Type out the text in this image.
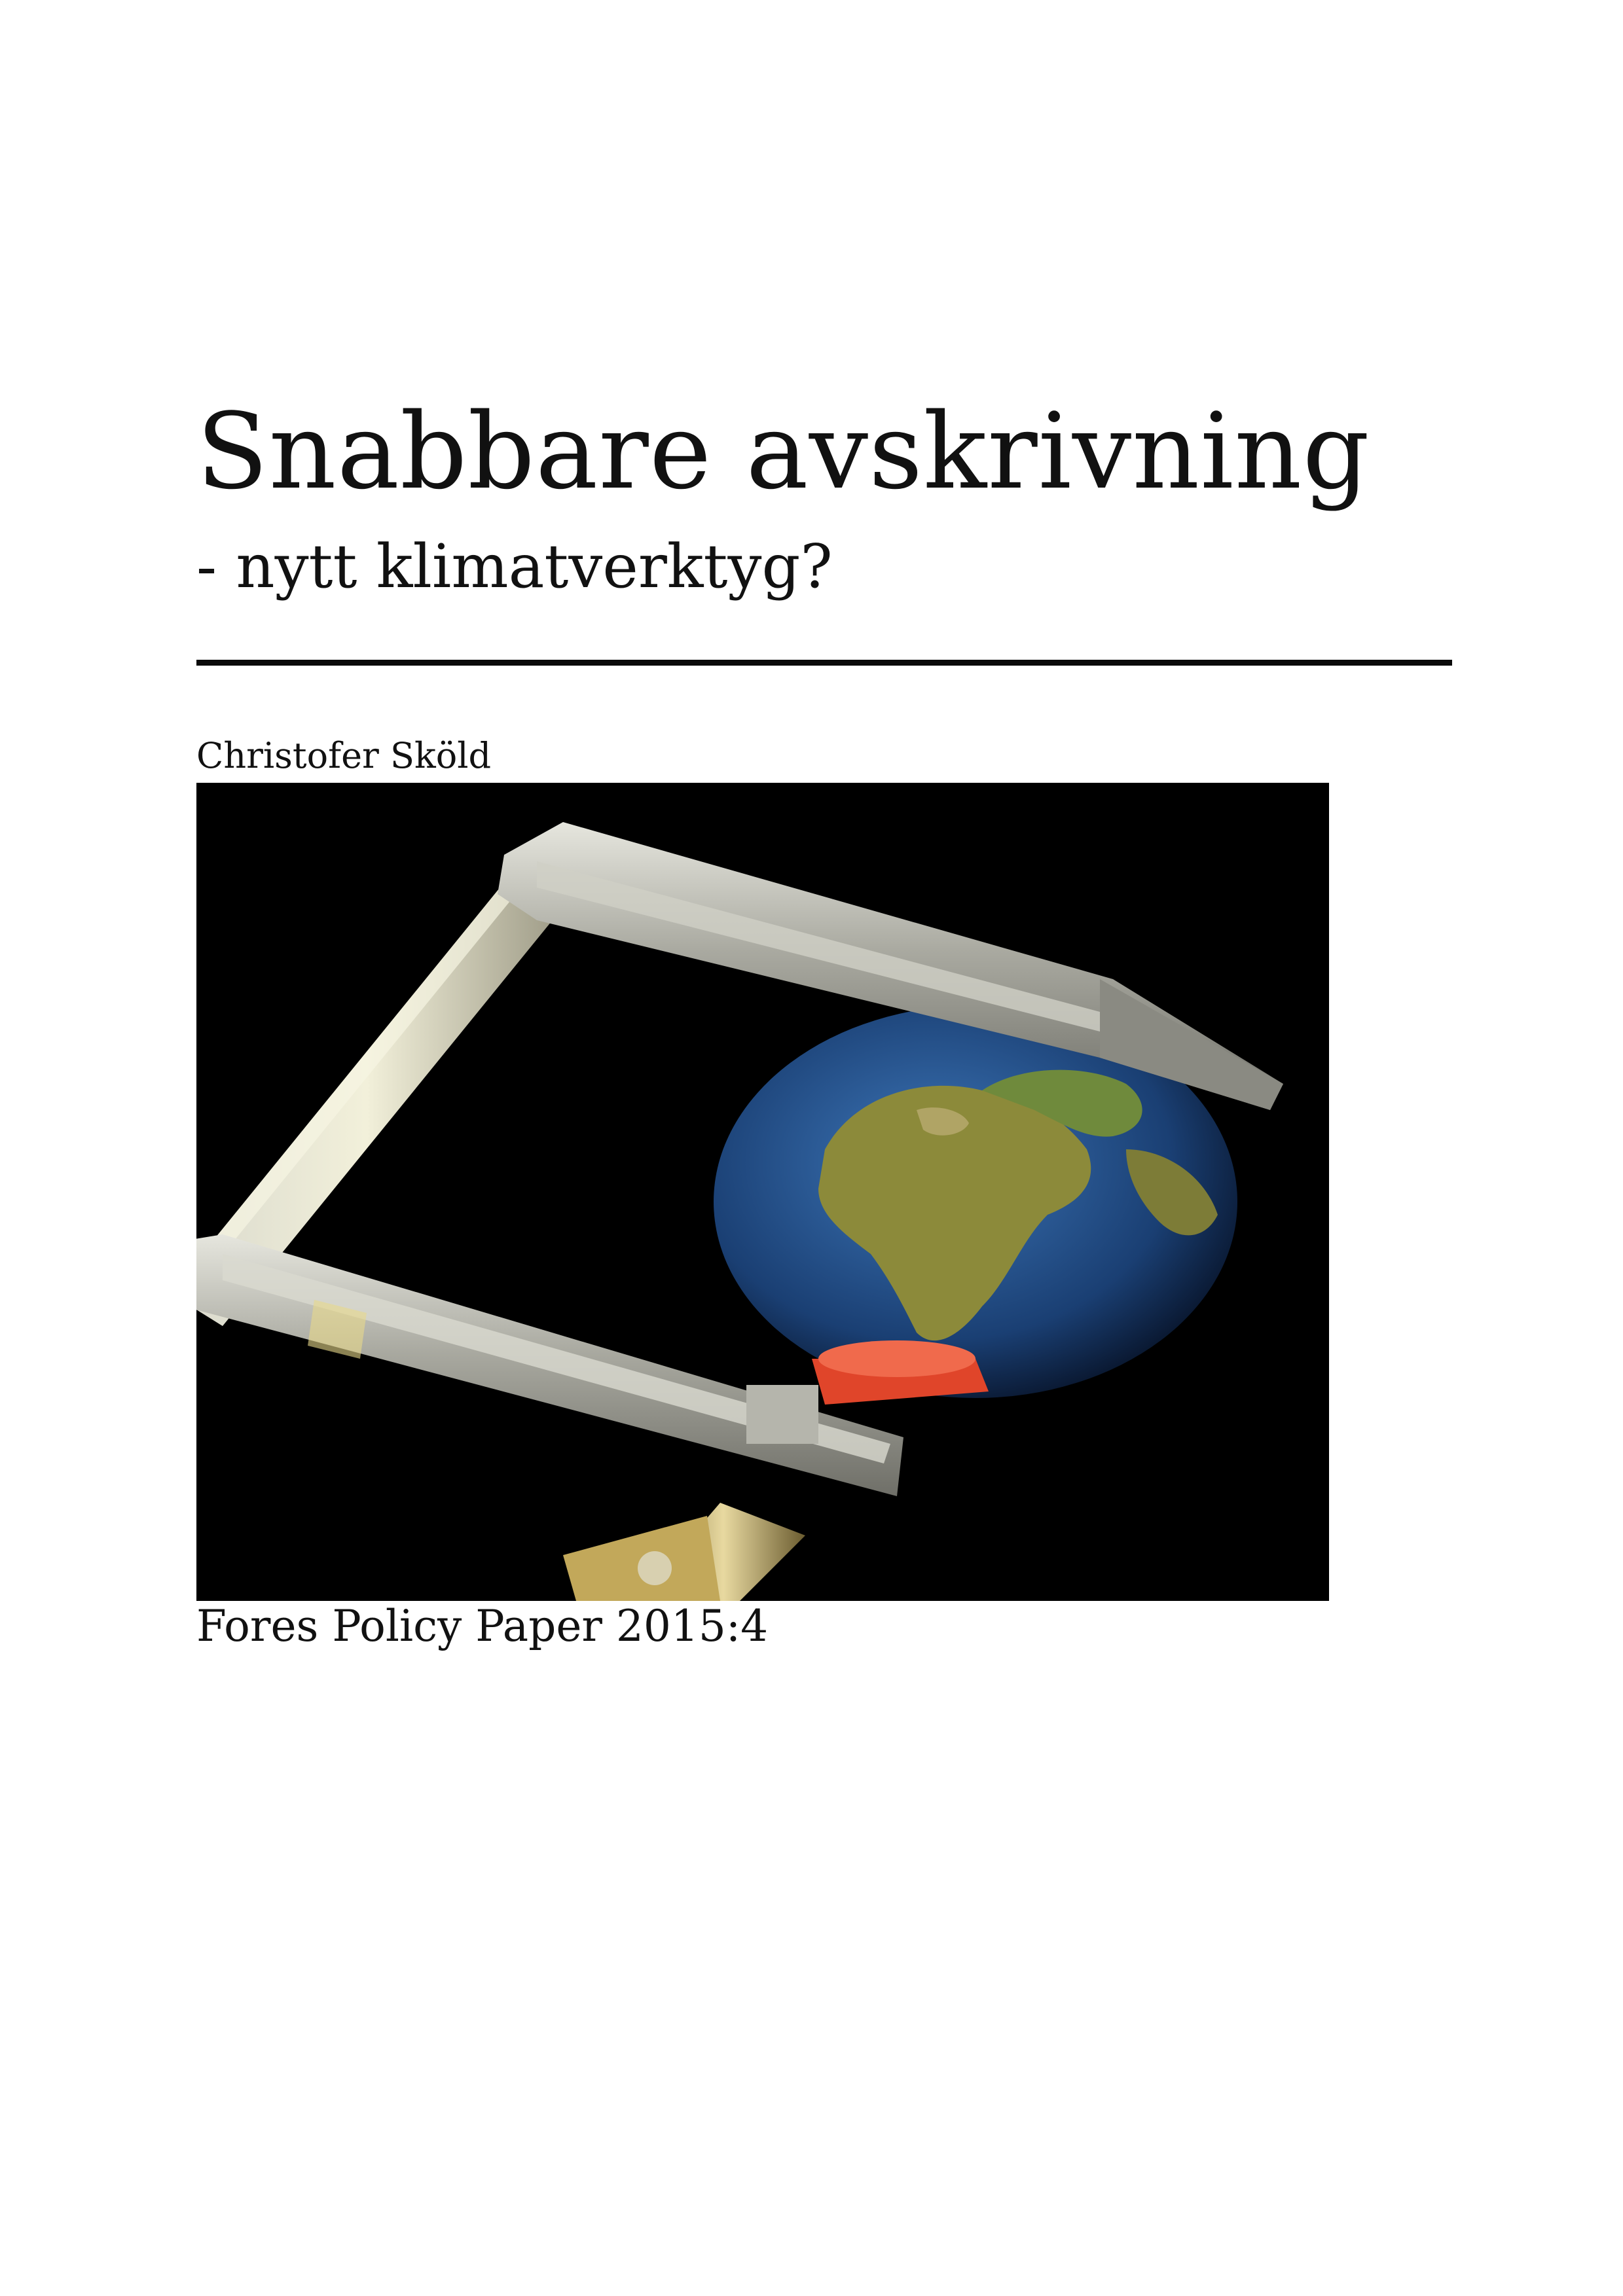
Snabbare avskrivning
- nytt klimatverktyg?
Christofer Sköld
Fores Policy Paper 2015:4
